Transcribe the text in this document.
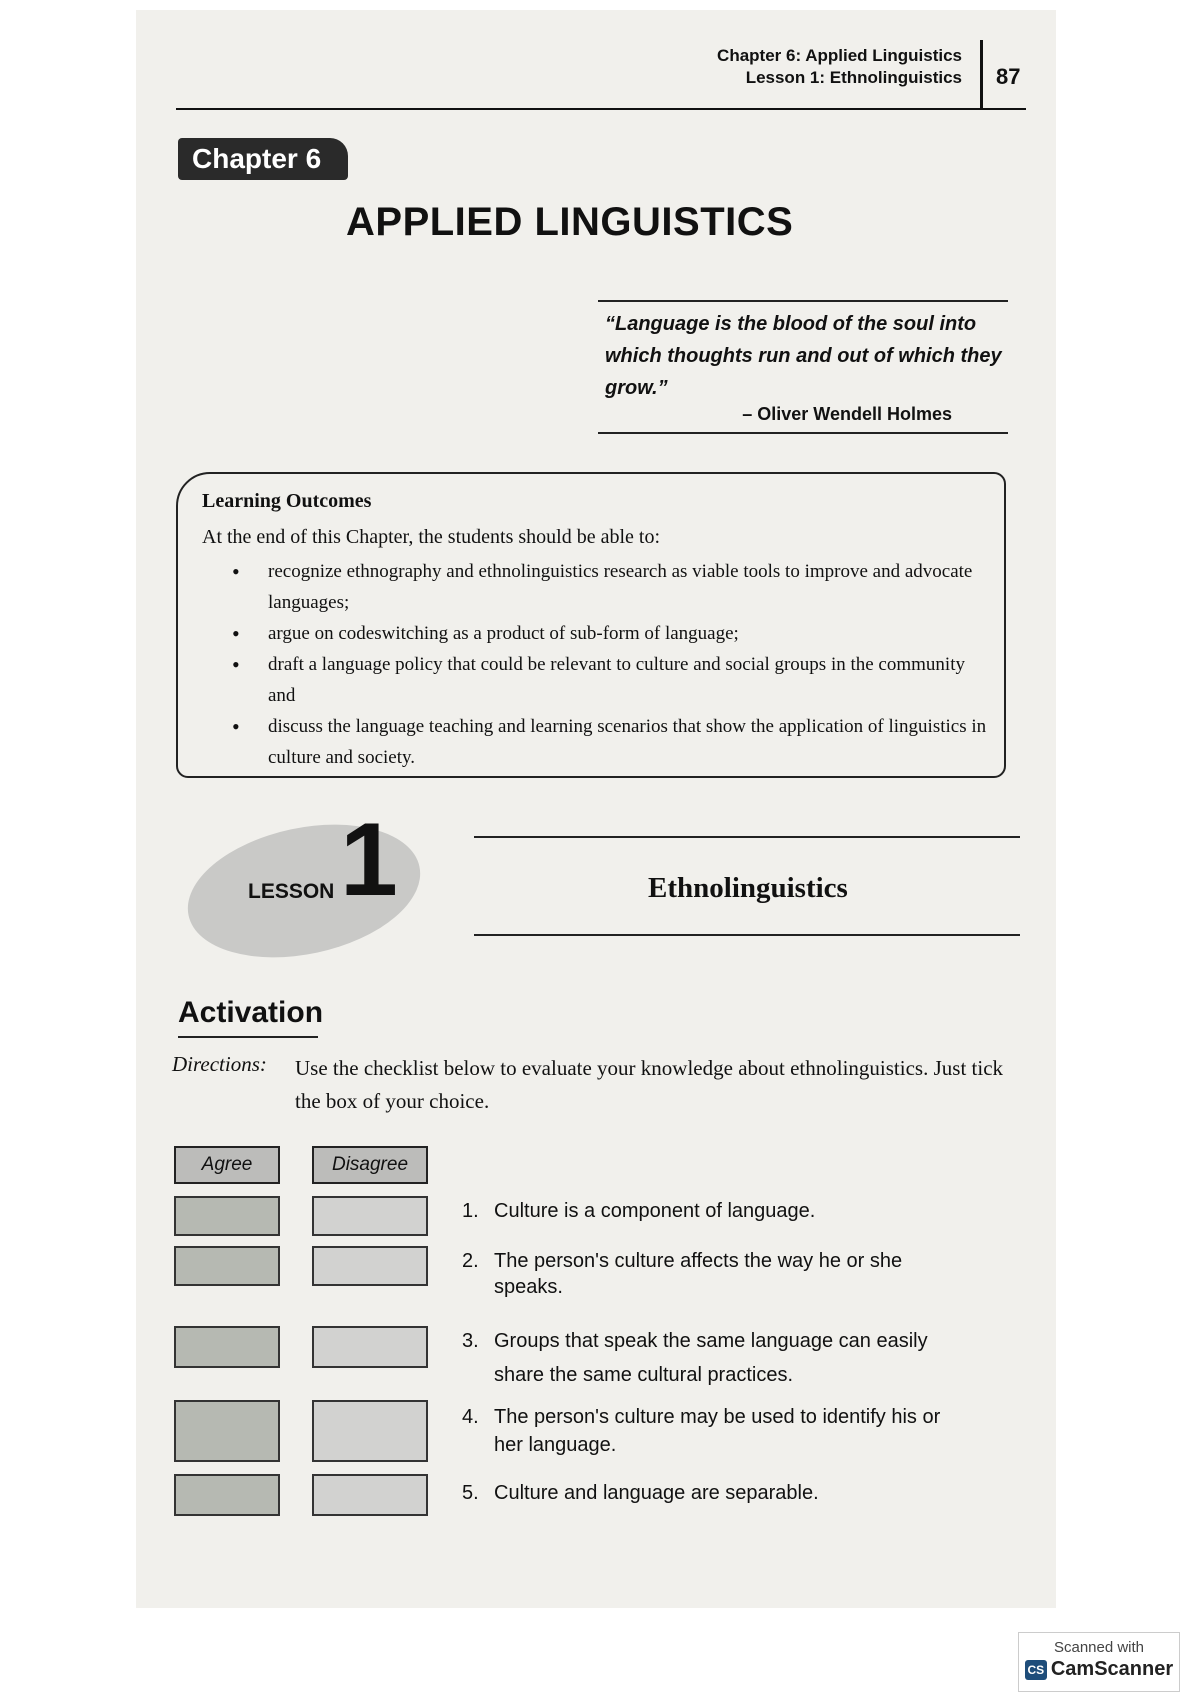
Chapter 6: Applied Linguistics
Lesson 1: Ethnolinguistics 87
Chapter 6
APPLIED LINGUISTICS
“Language is the blood of the soul into which thoughts run and out of which they grow.”
– Oliver Wendell Holmes
Learning Outcomes
At the end of this Chapter, the students should be able to:
• recognize ethnography and ethnolinguistics research as viable tools to improve and advocate languages;
• argue on codeswitching as a product of sub-form of language;
• draft a language policy that could be relevant to culture and social groups in the community and
• discuss the language teaching and learning scenarios that show the application of linguistics in culture and society.
LESSON 1	Ethnolinguistics
Activation
Directions: Use the checklist below to evaluate your knowledge about ethnolinguistics. Just tick the box of your choice.
Agree	Disagree
1. Culture is a component of language.
2. The person's culture affects the way he or she
speaks.
3. Groups that speak the same language can easily
share the same cultural practices.
4. The person's culture may be used to identify his or
her language.
5. Culture and language are separable.
Scanned with
CS CamScanner
